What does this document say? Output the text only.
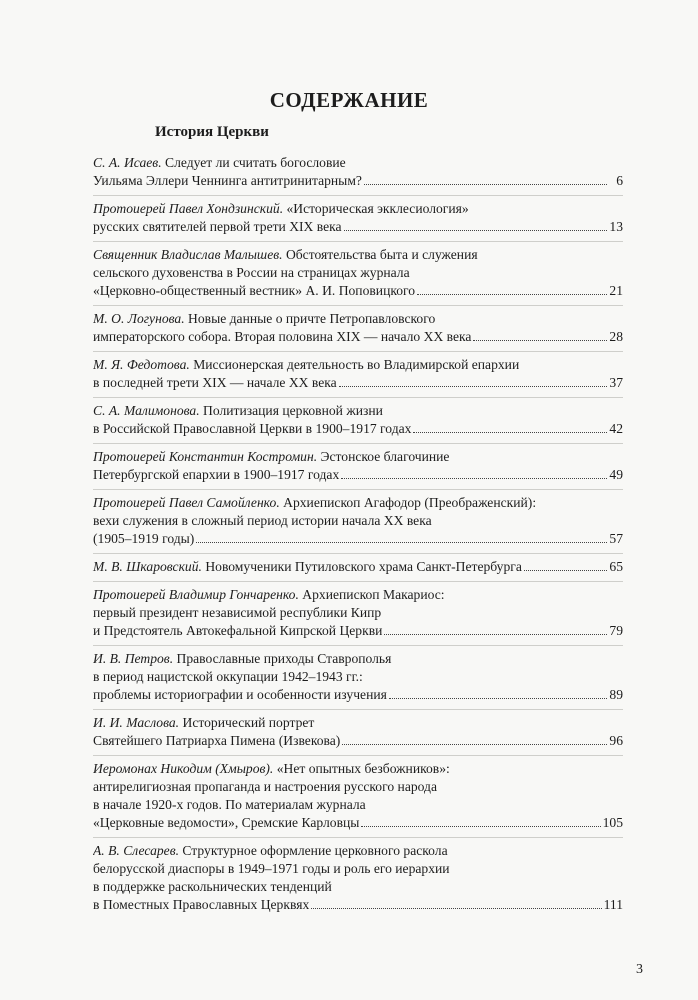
СОДЕРЖАНИЕ
История Церкви
С. А. Исаев. Следует ли считать богословие
Уильяма Эллери Ченнинга антитринитарным?	6
Протоиерей Павел Хондзинский. «Историческая экклесиология»
русских святителей первой трети XIX века	13
Священник Владислав Малышев. Обстоятельства быта и служения
сельского духовенства в России на страницах журнала
«Церковно-общественный вестник» А. И. Поповицкого	21
М. О. Логунова. Новые данные о причте Петропавловского
императорского собора. Вторая половина XIX — начало XX века	28
М. Я. Федотова. Миссионерская деятельность во Владимирской епархии
в последней трети XIX — начале XX века	37
С. А. Малимонова. Политизация церковной жизни
в Российской Православной Церкви в 1900–1917 годах	42
Протоиерей Константин Костромин. Эстонское благочиние
Петербургской епархии в 1900–1917 годах	49
Протоиерей Павел Самойленко. Архиепископ Агафодор (Преображенский):
вехи служения в сложный период истории начала XX века
(1905–1919 годы)	57
М. В. Шкаровский. Новомученики Путиловского храма Санкт-Петербурга	65
Протоиерей Владимир Гончаренко. Архиепископ Макариос:
первый президент независимой республики Кипр
и Предстоятель Автокефальной Кипрской Церкви	79
И. В. Петров. Православные приходы Ставрополья
в период нацистской оккупации 1942–1943 гг.:
проблемы историографии и особенности изучения	89
И. И. Маслова. Исторический портрет
Святейшего Патриарха Пимена (Извекова)	96
Иеромонах Никодим (Хмыров). «Нет опытных безбожников»:
антирелигиозная пропаганда и настроения русского народа
в начале 1920-х годов. По материалам журнала
«Церковные ведомости», Сремские Карловцы	105
А. В. Слесарев. Структурное оформление церковного раскола
белорусской диаспоры в 1949–1971 годы и роль его иерархии
в поддержке раскольнических тенденций
в Поместных Православных Церквях	111
3
